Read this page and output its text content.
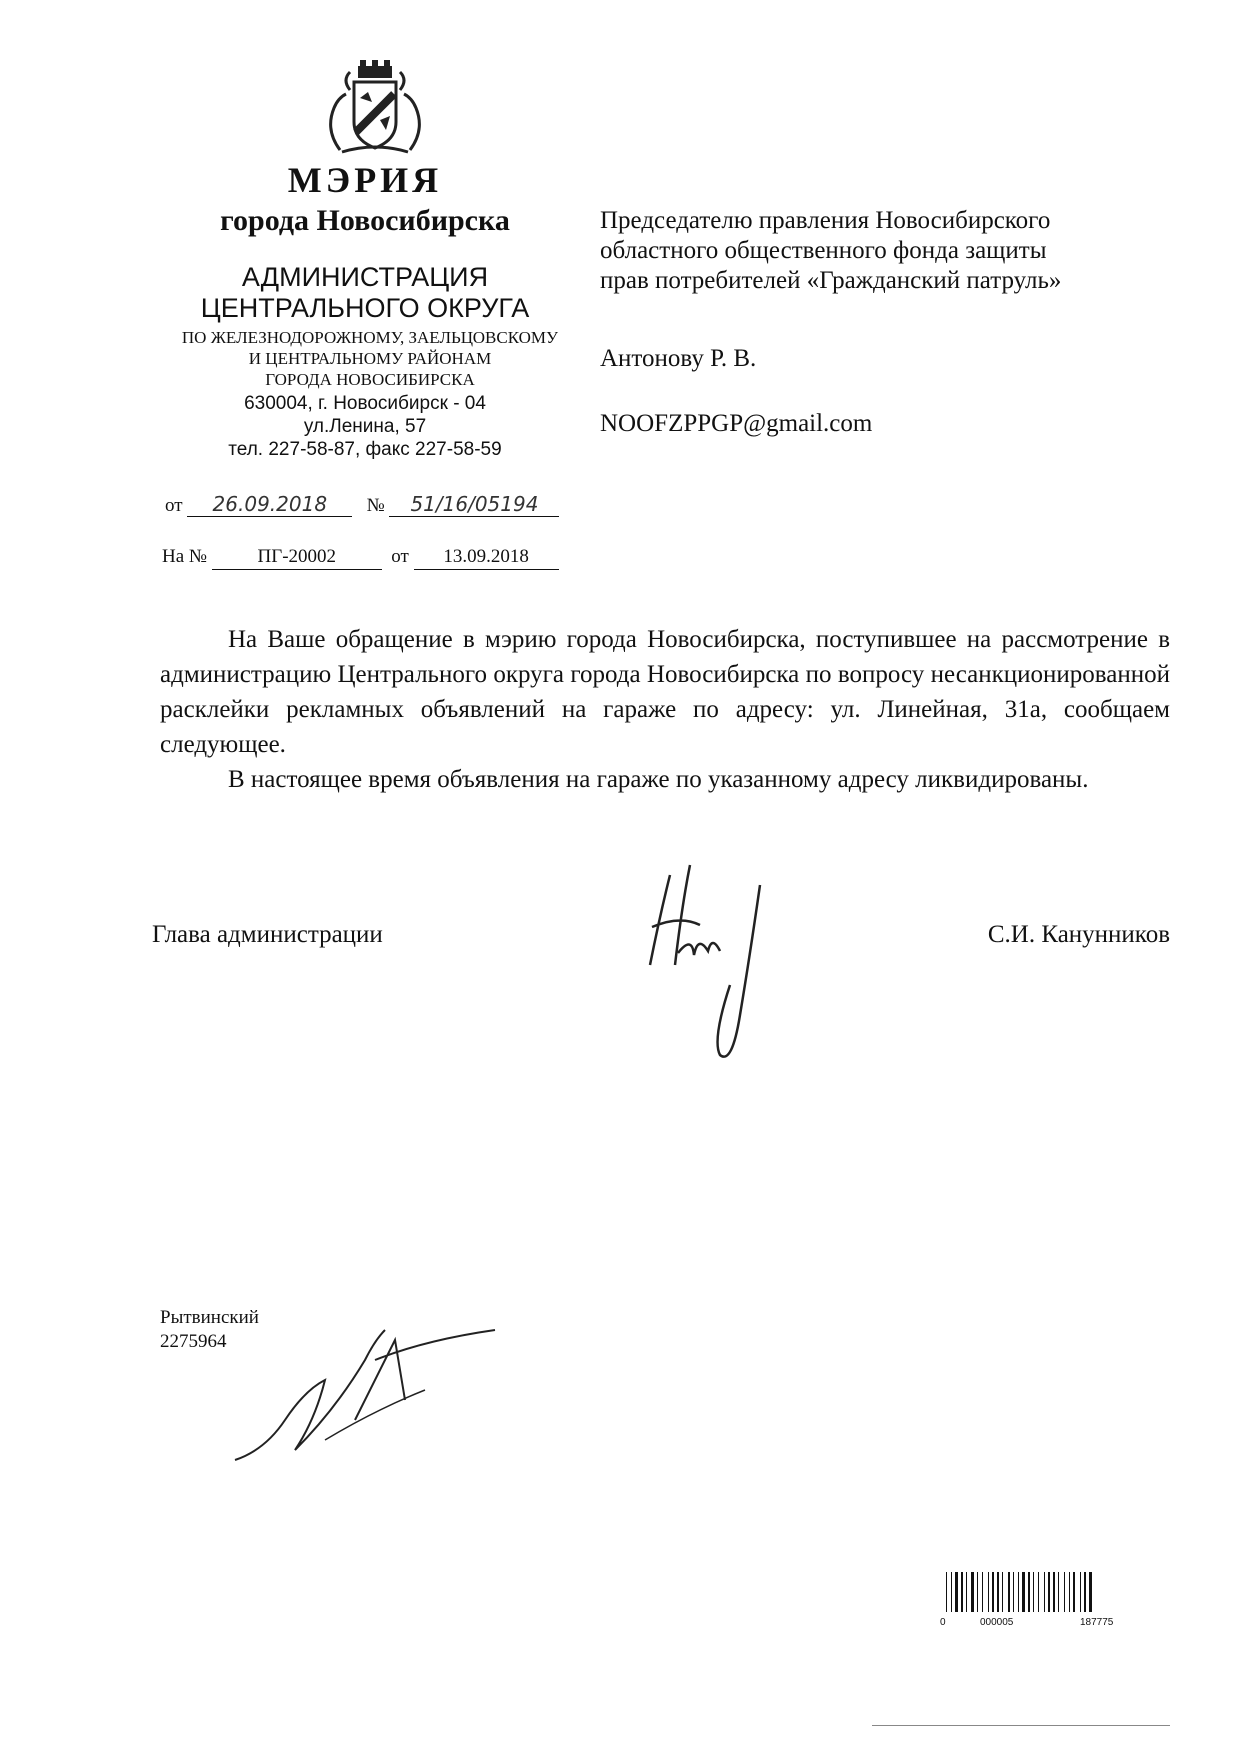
МЭРИЯ
города Новосибирска
АДМИНИСТРАЦИЯ
ЦЕНТРАЛЬНОГО ОКРУГА
ПО ЖЕЛЕЗНОДОРОЖНОМУ, ЗАЕЛЬЦОВСКОМУ
И ЦЕНТРАЛЬНОМУ РАЙОНАМ
ГОРОДА НОВОСИБИРСКА
630004, г. Новосибирск - 04
ул.Ленина, 57
тел. 227-58-87, факс 227-58-59
от 26.09.2018 № 51/16/05194
На №	ПГ-20002	от 13.09.2018
Председателю правления Новосибирского
областного общественного фонда защиты
прав потребителей «Гражданский патруль»
Антонову Р. В.
NOOFZPPGP@gmail.com

На Ваше обращение в мэрию города Новосибирска, поступившее на рассмотрение в администрацию Центрального округа города Новосибирска по вопросу несанкционированной расклейки рекламных объявлений на гараже по адресу: ул. Линейная, 31а, сообщаем следующее.

В настоящее время объявления на гараже по указанному адресу ликвидированы.

Глава администрации	С.И. Канунников
Рытвинский
2275964
0	000005	187775
